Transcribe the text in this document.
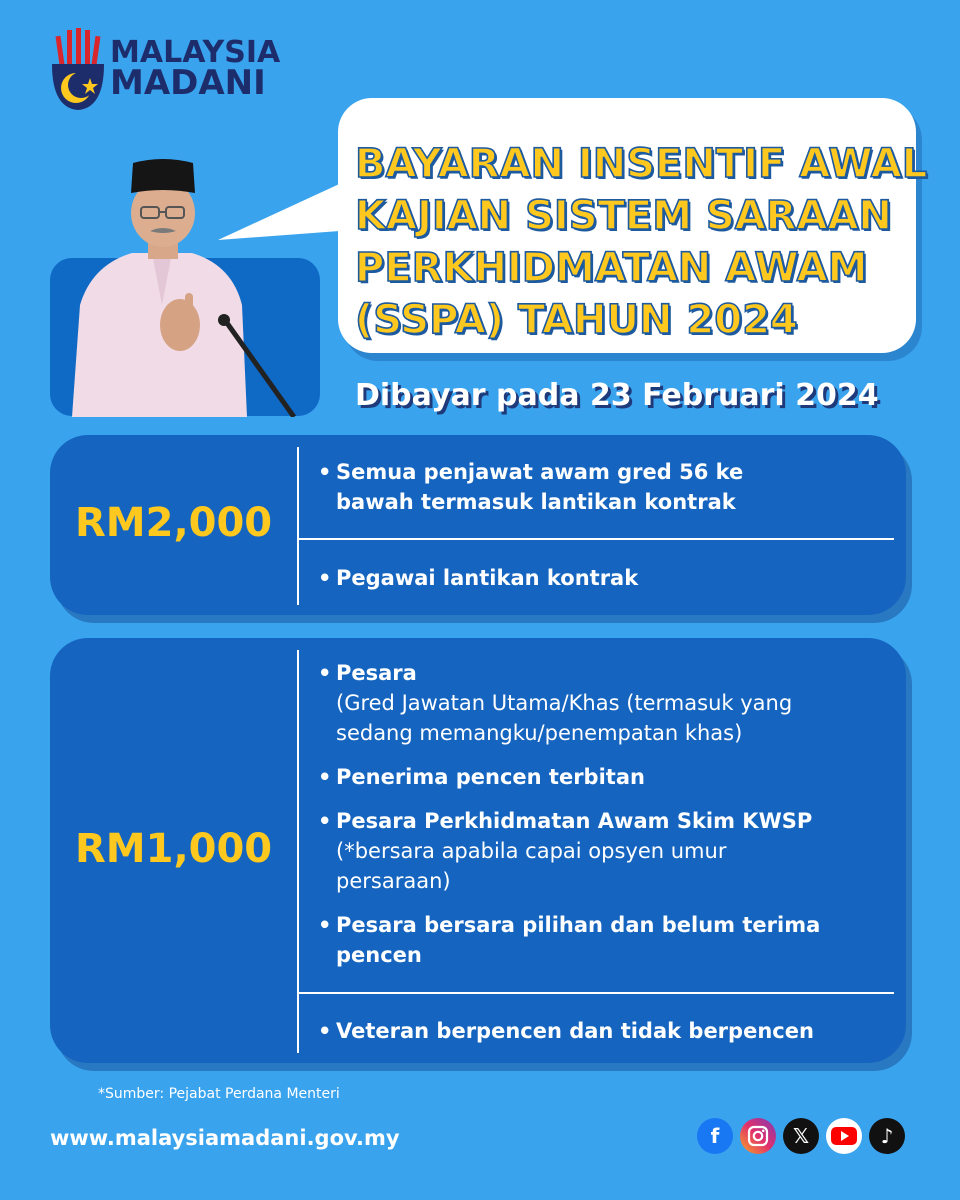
MALAYSIA
MADANI
BAYARAN INSENTIF AWAL
KAJIAN SISTEM SARAAN
PERKHIDMATAN AWAM
(SSPA) TAHUN 2024
Dibayar pada 23 Februari 2024
RM2,000
• Semua penjawat awam gred 56 ke
bawah termasuk lantikan kontrak
• Pegawai lantikan kontrak
RM1,000
• Pesara
(Gred Jawatan Utama/Khas (termasuk yang
sedang memangku/penempatan khas)
• Penerima pencen terbitan
• Pesara Perkhidmatan Awam Skim KWSP
(*bersara apabila capai opsyen umur
persaraan)
• Pesara bersara pilihan dan belum terima
pencen
• Veteran berpencen dan tidak berpencen
*Sumber: Pejabat Perdana Menteri
www.malaysiamadani.gov.my	f	𝕏	♪
